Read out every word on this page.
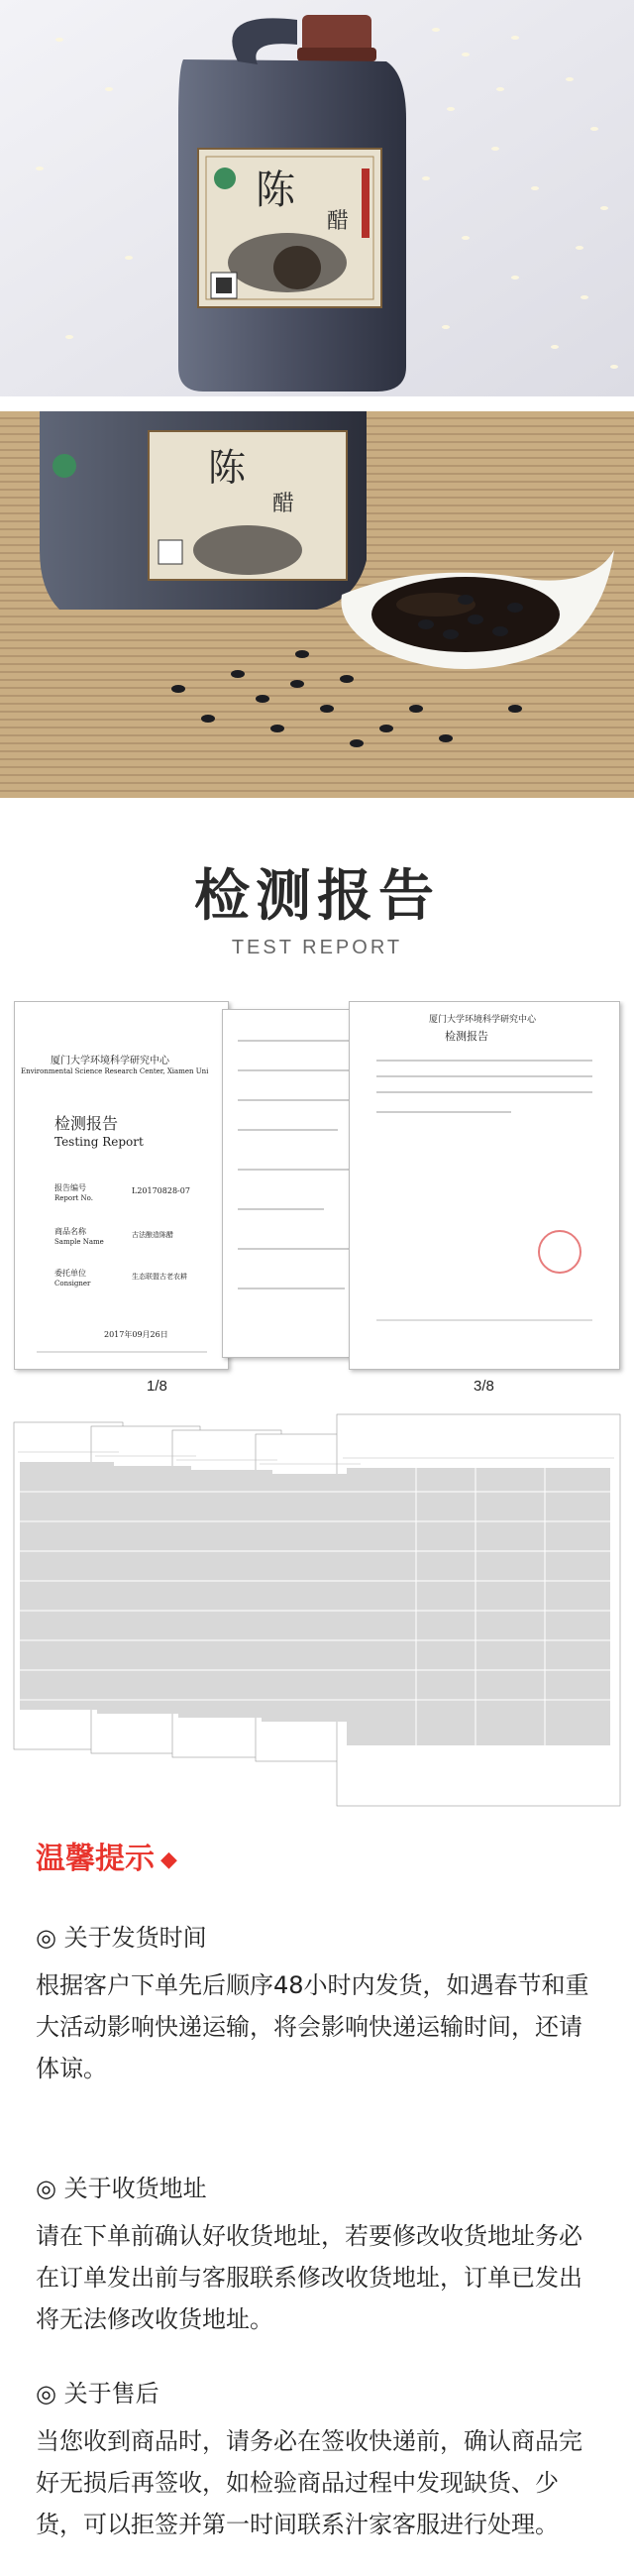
陈
醋
陈
醋
检测报告
TEST REPORT
厦门大学环境科学研究中心
Environmental Science Research Center, Xiamen Uni
检测报告
Testing Report
报告编号
Report No.
L20170828-07
商品名称
Sample Name
古法酿造陈醋
委托单位
Consigner
生态联盟古老农耕
2017年09月26日
厦门大学环境科学研究中心
检测报告
1/8	3/8
温馨提示 ◆
◎ 关于发货时间
根据客户下单先后顺序48小时内发货，如遇春节和重大活动影响快递运输，将会影响快递运输时间，还请体谅。
◎ 关于收货地址
请在下单前确认好收货地址，若要修改收货地址务必在订单发出前与客服联系修改收货地址，订单已发出将无法修改收货地址。
◎ 关于售后
当您收到商品时，请务必在签收快递前，确认商品完好无损后再签收，如检验商品过程中发现缺货、少货，可以拒签并第一时间联系汁家客服进行处理。
